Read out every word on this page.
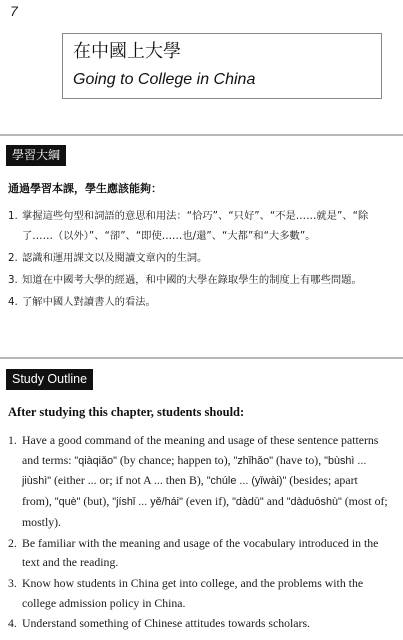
7
在中國上大學
Going to College in China
學習大綱
通過學習本課，學生應該能夠：
1. 掌握這些句型和詞語的意思和用法：“恰巧”、“只好”、“不是……就是”、“除了……（以外）”、“卻”、“即使……也/還”、“大都”和“大多數”。
2. 認識和運用課文以及閱讀文章內的生詞。
3. 知道在中國考大學的經過，和中國的大學在錄取學生的制度上有哪些問題。
4. 了解中國人對讀書人的看法。
Study Outline
After studying this chapter, students should:
1. Have a good command of the meaning and usage of these sentence patterns and terms: "qiàqiǎo" (by chance; happen to), "zhǐhǎo" (have to), "bùshì ... jiùshì" (either ... or; if not A ... then B), "chúle ... (yǐwài)" (besides; apart from), "què" (but), "jíshǐ ... yě/hái" (even if), "dàdū" and "dàduōshù" (most of; mostly).
2. Be familiar with the meaning and usage of the vocabulary introduced in the text and the reading.
3. Know how students in China get into college, and the problems with the college admission policy in China.
4. Understand something of Chinese attitudes towards scholars.
